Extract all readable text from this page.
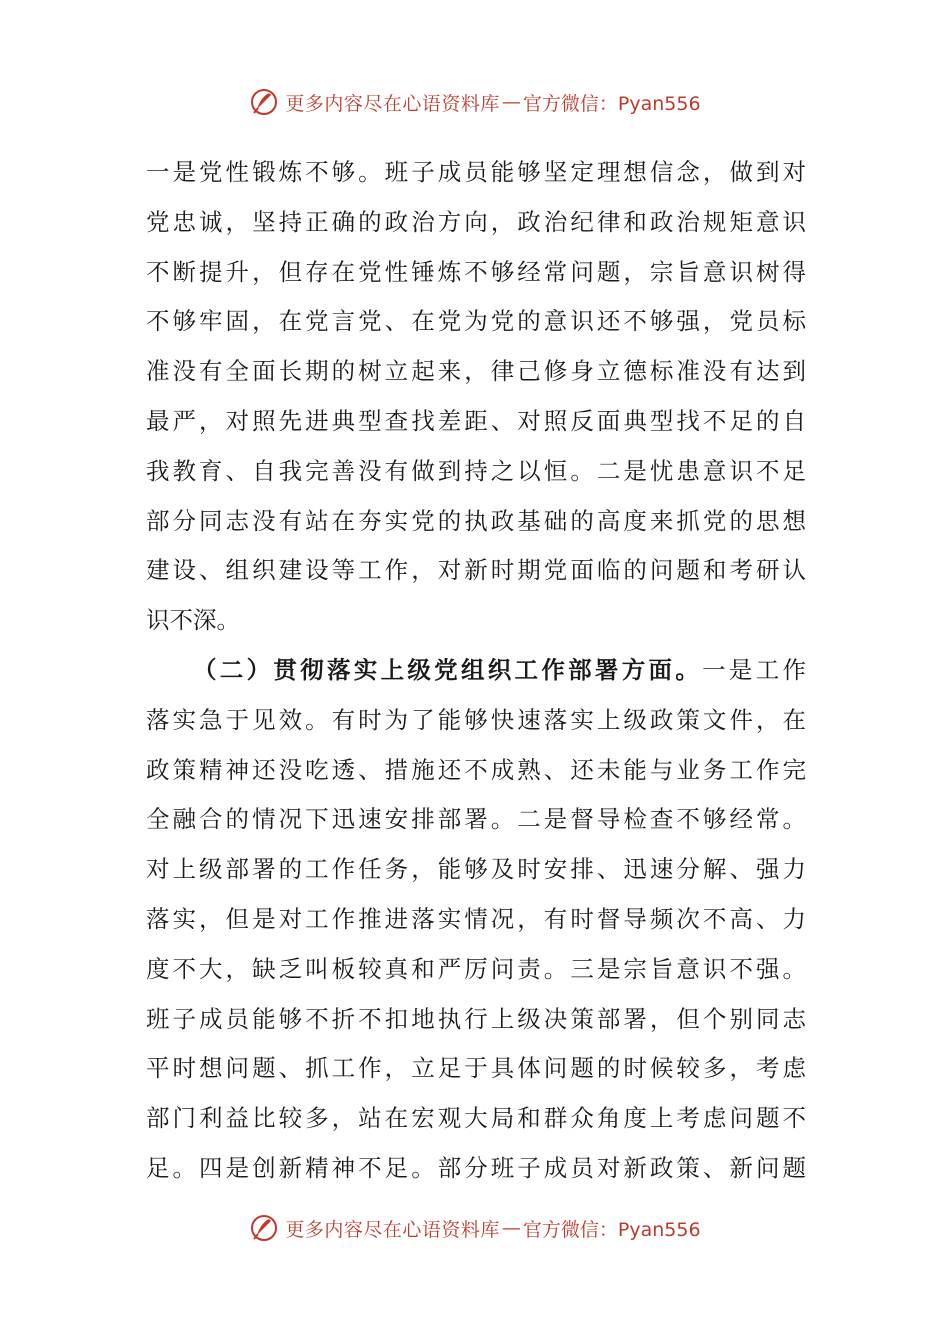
更多内容尽在心语资料库 — 官方微信：Pyan556
一是党性锻炼不够。班子成员能够坚定理想信念，做到对
党忠诚，坚持正确的政治方向，政治纪律和政治规矩意识
不断提升，但存在党性锤炼不够经常问题，宗旨意识树得
不够牢固，在党言党、在党为党的意识还不够强，党员标
准没有全面长期的树立起来，律己修身立德标准没有达到
最严，对照先进典型查找差距、对照反面典型找不足的自
我教育、自我完善没有做到持之以恒。二是忧患意识不足
部分同志没有站在夯实党的执政基础的高度来抓党的思想
建设、组织建设等工作，对新时期党面临的问题和考研认
识不深。
（二）贯彻落实上级党组织工作部署方面。一是工作
落实急于见效。有时为了能够快速落实上级政策文件，在
政策精神还没吃透、措施还不成熟、还未能与业务工作完
全融合的情况下迅速安排部署。二是督导检查不够经常。
对上级部署的工作任务，能够及时安排、迅速分解、强力
落实，但是对工作推进落实情况，有时督导频次不高、力
度不大，缺乏叫板较真和严厉问责。三是宗旨意识不强。
班子成员能够不折不扣地执行上级决策部署，但个别同志
平时想问题、抓工作，立足于具体问题的时候较多，考虑
部门利益比较多，站在宏观大局和群众角度上考虑问题不
足。四是创新精神不足。部分班子成员对新政策、新问题
更多内容尽在心语资料库 — 官方微信：Pyan556
